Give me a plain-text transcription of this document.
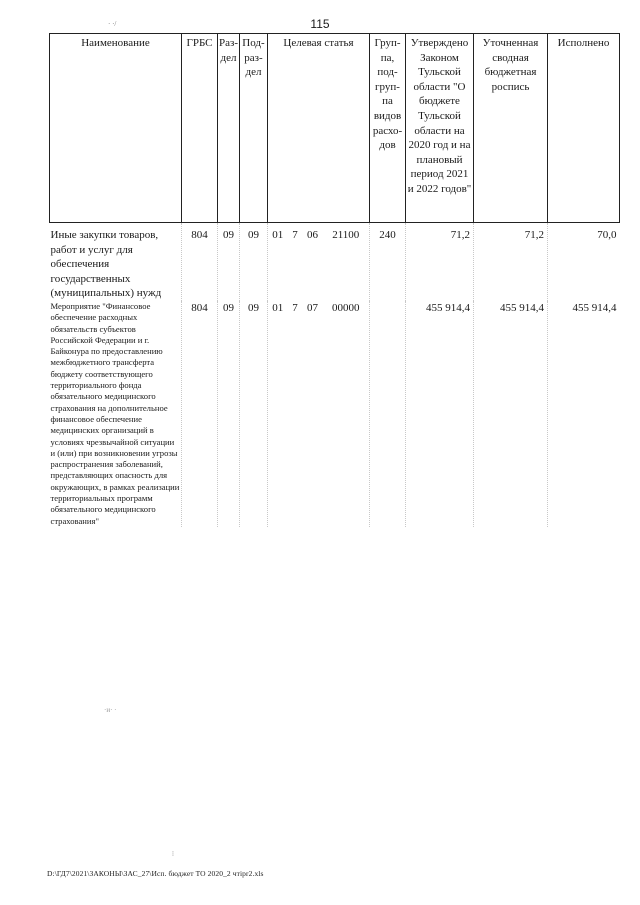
115
· ·/
Наименование	ГРБС	Раз-дел	Под-раз-дел	Целевая статья				Груп-па, под-груп-па видов расхо-дов	Утверждено Законом Тульской области "О бюджете Тульской области на 2020 год и на плановый период 2021 и 2022 годов"	Уточненная сводная бюджетная роспись	Исполнено
Иные закупки товаров, работ и услуг для обеспечения государственных (муниципальных) нужд	804	09	09	01	7	06	21100	240	71,2	71,2	70,0
Мероприятие "Финансовое обеспечение расходных обязательств субъектов Российской Федерации и г. Байконура по предоставлению межбюджетного трансферта бюджету соответствующего территориального фонда обязательного медицинского страхования на дополнительное финансовое обеспечение медицинских организаций в условиях чрезвычайной ситуации и (или) при возникновении угрозы распространения заболеваний, представляющих опасность для окружающих, в рамках реализации территориальных программ обязательного медицинского страхования"	804	09	09	01	7	07	00000		455 914,4	455 914,4	455 914,4
·и· ·
⁞
D:\ГД7\2021\ЗАКОНЫ\ЗАС_27\Исп. бюджет ТО 2020_2 чтіpr2.xls
